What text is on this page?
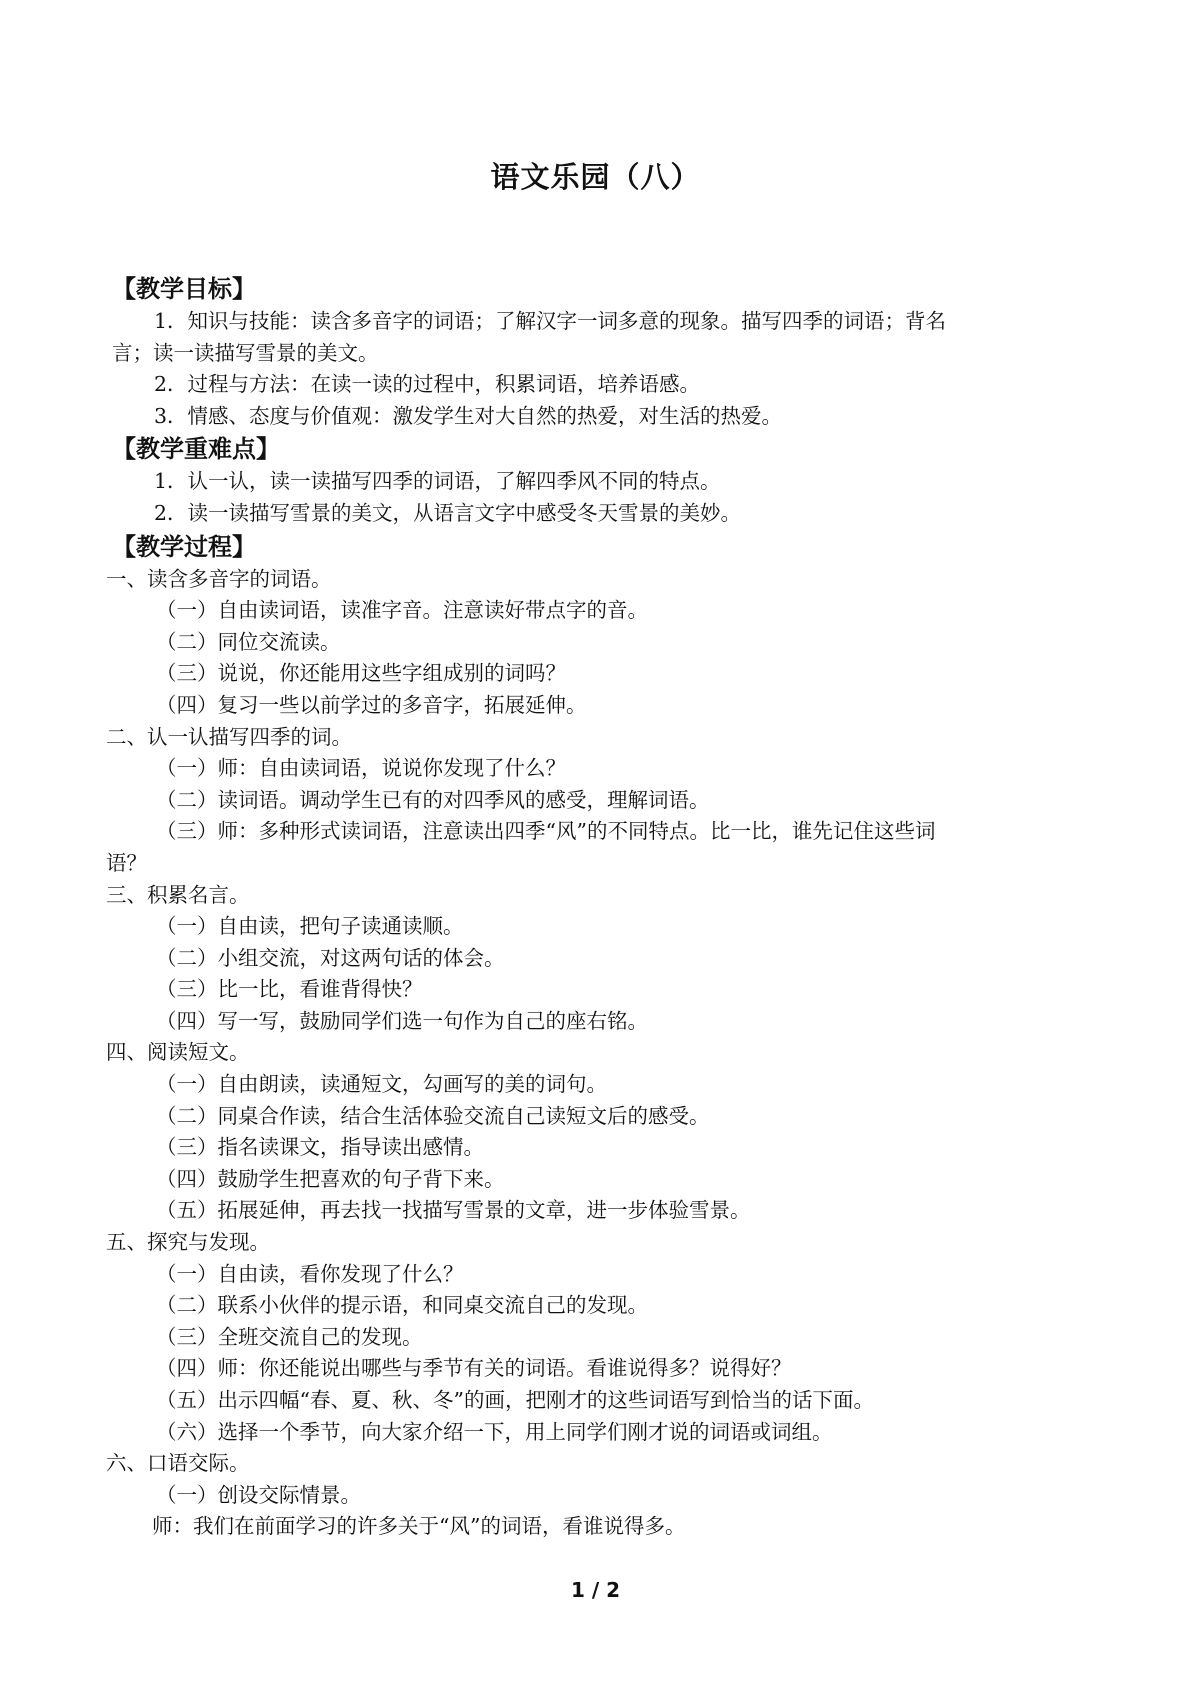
语文乐园（八）
【教学目标】

1．知识与技能：读含多音字的词语；了解汉字一词多意的现象。描写四季的词语；背名

言；读一读描写雪景的美文。

2．过程与方法：在读一读的过程中，积累词语，培养语感。

3．情感、态度与价值观：激发学生对大自然的热爱，对生活的热爱。

【教学重难点】

1．认一认，读一读描写四季的词语，了解四季风不同的特点。

2．读一读描写雪景的美文，从语言文字中感受冬天雪景的美妙。

【教学过程】

一、读含多音字的词语。

（一）自由读词语，读准字音。注意读好带点字的音。

（二）同位交流读。

（三）说说，你还能用这些字组成别的词吗？

（四）复习一些以前学过的多音字，拓展延伸。

二、认一认描写四季的词。

（一）师：自由读词语，说说你发现了什么？

（二）读词语。调动学生已有的对四季风的感受，理解词语。

（三）师：多种形式读词语，注意读出四季“风”的不同特点。比一比，谁先记住这些词

语？

三、积累名言。

（一）自由读，把句子读通读顺。

（二）小组交流，对这两句话的体会。

（三）比一比，看谁背得快？

（四）写一写，鼓励同学们选一句作为自己的座右铭。

四、阅读短文。

（一）自由朗读，读通短文，勾画写的美的词句。

（二）同桌合作读，结合生活体验交流自己读短文后的感受。

（三）指名读课文，指导读出感情。

（四）鼓励学生把喜欢的句子背下来。

（五）拓展延伸，再去找一找描写雪景的文章，进一步体验雪景。

五、探究与发现。

（一）自由读，看你发现了什么？

（二）联系小伙伴的提示语，和同桌交流自己的发现。

（三）全班交流自己的发现。

（四）师：你还能说出哪些与季节有关的词语。看谁说得多？说得好？

（五）出示四幅“春、夏、秋、冬”的画，把刚才的这些词语写到恰当的话下面。

（六）选择一个季节，向大家介绍一下，用上同学们刚才说的词语或词组。

六、口语交际。

（一）创设交际情景。

师：我们在前面学习的许多关于“风”的词语，看谁说得多。

1 / 2
